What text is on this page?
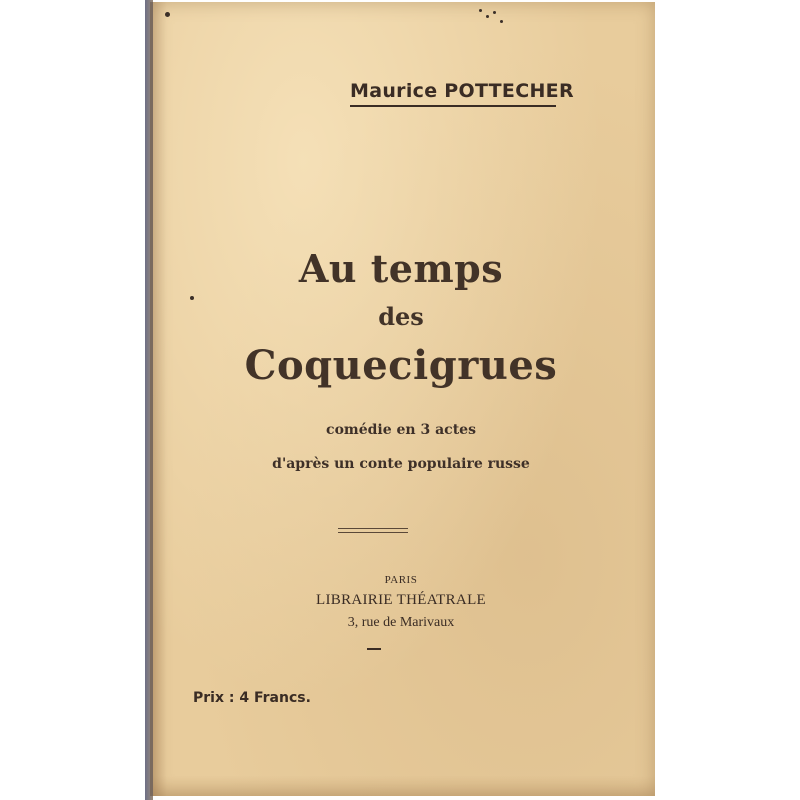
Maurice POTTECHER
Au temps
des
Coquecigrues
comédie en 3 actes
d'après un conte populaire russe
PARIS
LIBRAIRIE THÉATRALE
3, rue de Marivaux
Prix : 4 Francs.
